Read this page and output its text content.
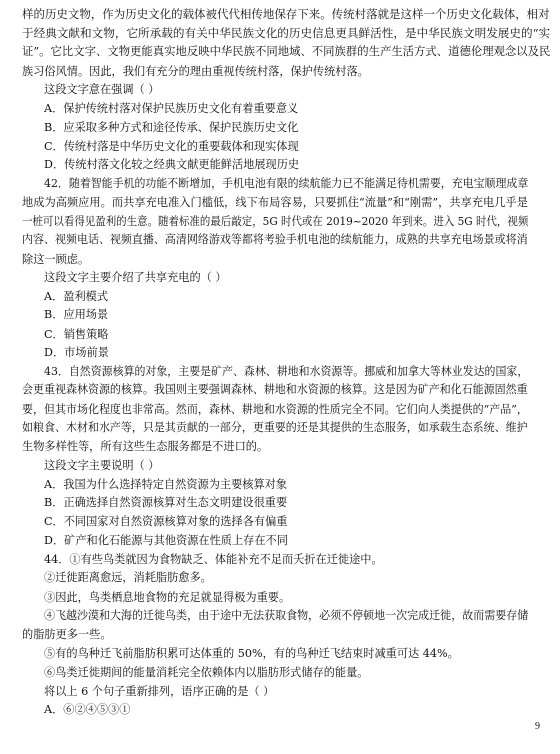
样的历史文物，作为历史文化的载体被代代相传地保存下来。传统村落就是这样一个历史文化载体，相对
于经典文献和文物，它所承载的有关中华民族文化的历史信息更具鲜活性，是中华民族文明发展史的“实
证”。它比文字、文物更能真实地反映中华民族不同地域、不同族群的生产生活方式、道德伦理观念以及民
族习俗风情。因此，我们有充分的理由重视传统村落，保护传统村落。
这段文字意在强调（ ）
A．保护传统村落对保护民族历史文化有着重要意义
B．应采取多种方式和途径传承、保护民族历史文化
C．传统村落是中华历史文化的重要载体和现实体现
D．传统村落文化较之经典文献更能鲜活地展现历史
42．随着智能手机的功能不断增加，手机电池有限的续航能力已不能满足待机需要，充电宝顺理成章
地成为高频应用。而共享充电准入门槛低，线下布局容易，只要抓住“流量”和“刚需”，共享充电几乎是
一桩可以看得见盈利的生意。随着标准的最后敲定，5G 时代或在 2019~2020 年到来。进入 5G 时代，视频
内容、视频电话、视频直播、高清网络游戏等都将考验手机电池的续航能力，成熟的共享充电场景或将消
除这一顾虑。
这段文字主要介绍了共享充电的（ ）
A．盈利模式
B．应用场景
C．销售策略
D．市场前景
43．自然资源核算的对象，主要是矿产、森林、耕地和水资源等。挪威和加拿大等林业发达的国家，
会更重视森林资源的核算。我国则主要强调森林、耕地和水资源的核算。这是因为矿产和化石能源固然重
要，但其市场化程度也非常高。然而，森林、耕地和水资源的性质完全不同。它们向人类提供的“产品”，
如粮食、木材和水产等，只是其贡献的一部分，更重要的还是其提供的生态服务，如承载生态系统、维护
生物多样性等，所有这些生态服务都是不进口的。
这段文字主要说明（ ）
A．我国为什么选择特定自然资源为主要核算对象
B．正确选择自然资源核算对生态文明建设很重要
C．不同国家对自然资源核算对象的选择各有偏重
D．矿产和化石能源与其他资源在性质上存在不同
44．①有些鸟类就因为食物缺乏、体能补充不足而夭折在迁徙途中。
②迁徙距离愈远，消耗脂肪愈多。
③因此，鸟类栖息地食物的充足就显得极为重要。
④飞越沙漠和大海的迁徙鸟类，由于途中无法获取食物，必须不停顿地一次完成迁徙，故而需要存储
的脂肪更多一些。
⑤有的鸟种迁飞前脂肪积累可达体重的 50%，有的鸟种迁飞结束时减重可达 44%。
⑥鸟类迁徙期间的能量消耗完全依赖体内以脂肪形式储存的能量。
将以上 6 个句子重新排列，语序正确的是（ ）
A．⑥②④⑤③①
9
